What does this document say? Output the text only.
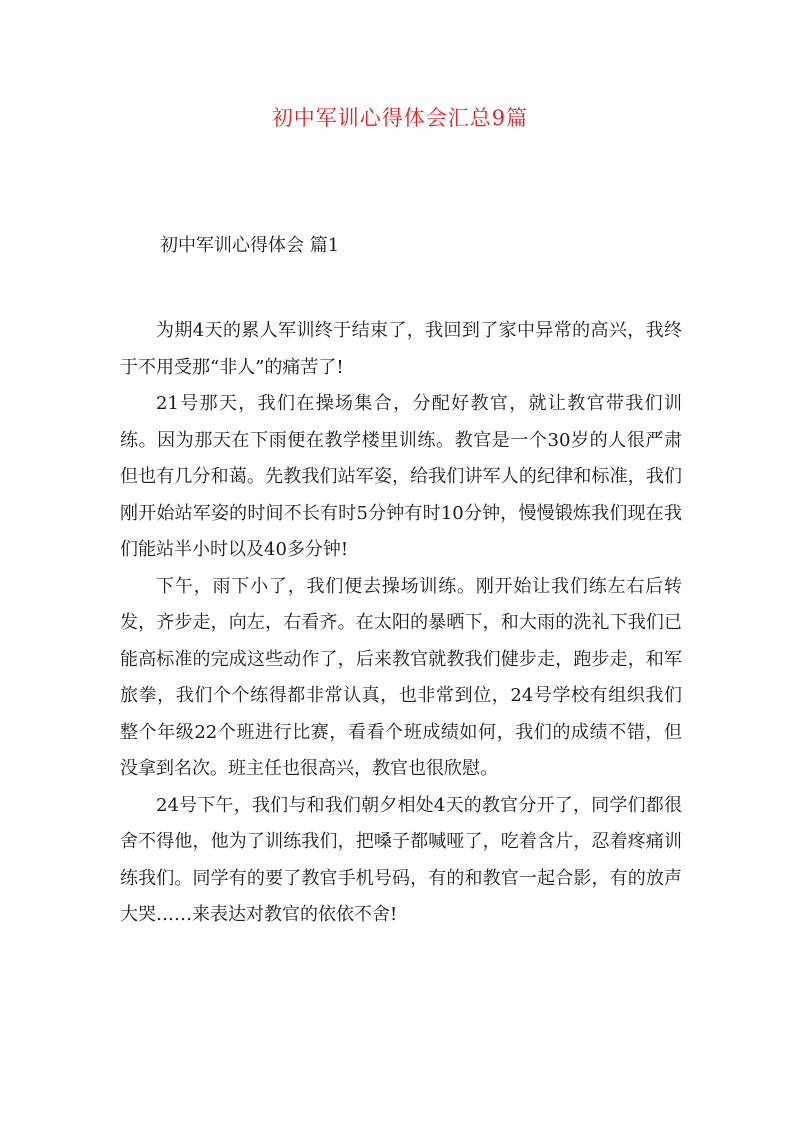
初中军训心得体会汇总9篇
初中军训心得体会 篇1

为期4天的累人军训终于结束了，我回到了家中异常的高兴，我终于不用受那“非人”的痛苦了!

21号那天，我们在操场集合，分配好教官，就让教官带我们训练。因为那天在下雨便在教学楼里训练。教官是一个30岁的人很严肃但也有几分和蔼。先教我们站军姿，给我们讲军人的纪律和标准，我们刚开始站军姿的时间不长有时5分钟有时10分钟，慢慢锻炼我们现在我们能站半小时以及40多分钟!

下午，雨下小了，我们便去操场训练。刚开始让我们练左右后转发，齐步走，向左，右看齐。在太阳的暴晒下，和大雨的洗礼下我们已能高标准的完成这些动作了，后来教官就教我们健步走，跑步走，和军旅拳，我们个个练得都非常认真，也非常到位，24号学校有组织我们整个年级22个班进行比赛，看看个班成绩如何，我们的成绩不错，但没拿到名次。班主任也很高兴，教官也很欣慰。

24号下午，我们与和我们朝夕相处4天的教官分开了，同学们都很舍不得他，他为了训练我们，把嗓子都喊哑了，吃着含片，忍着疼痛训练我们。同学有的要了教官手机号码，有的和教官一起合影，有的放声大哭……来表达对教官的依依不舍!
